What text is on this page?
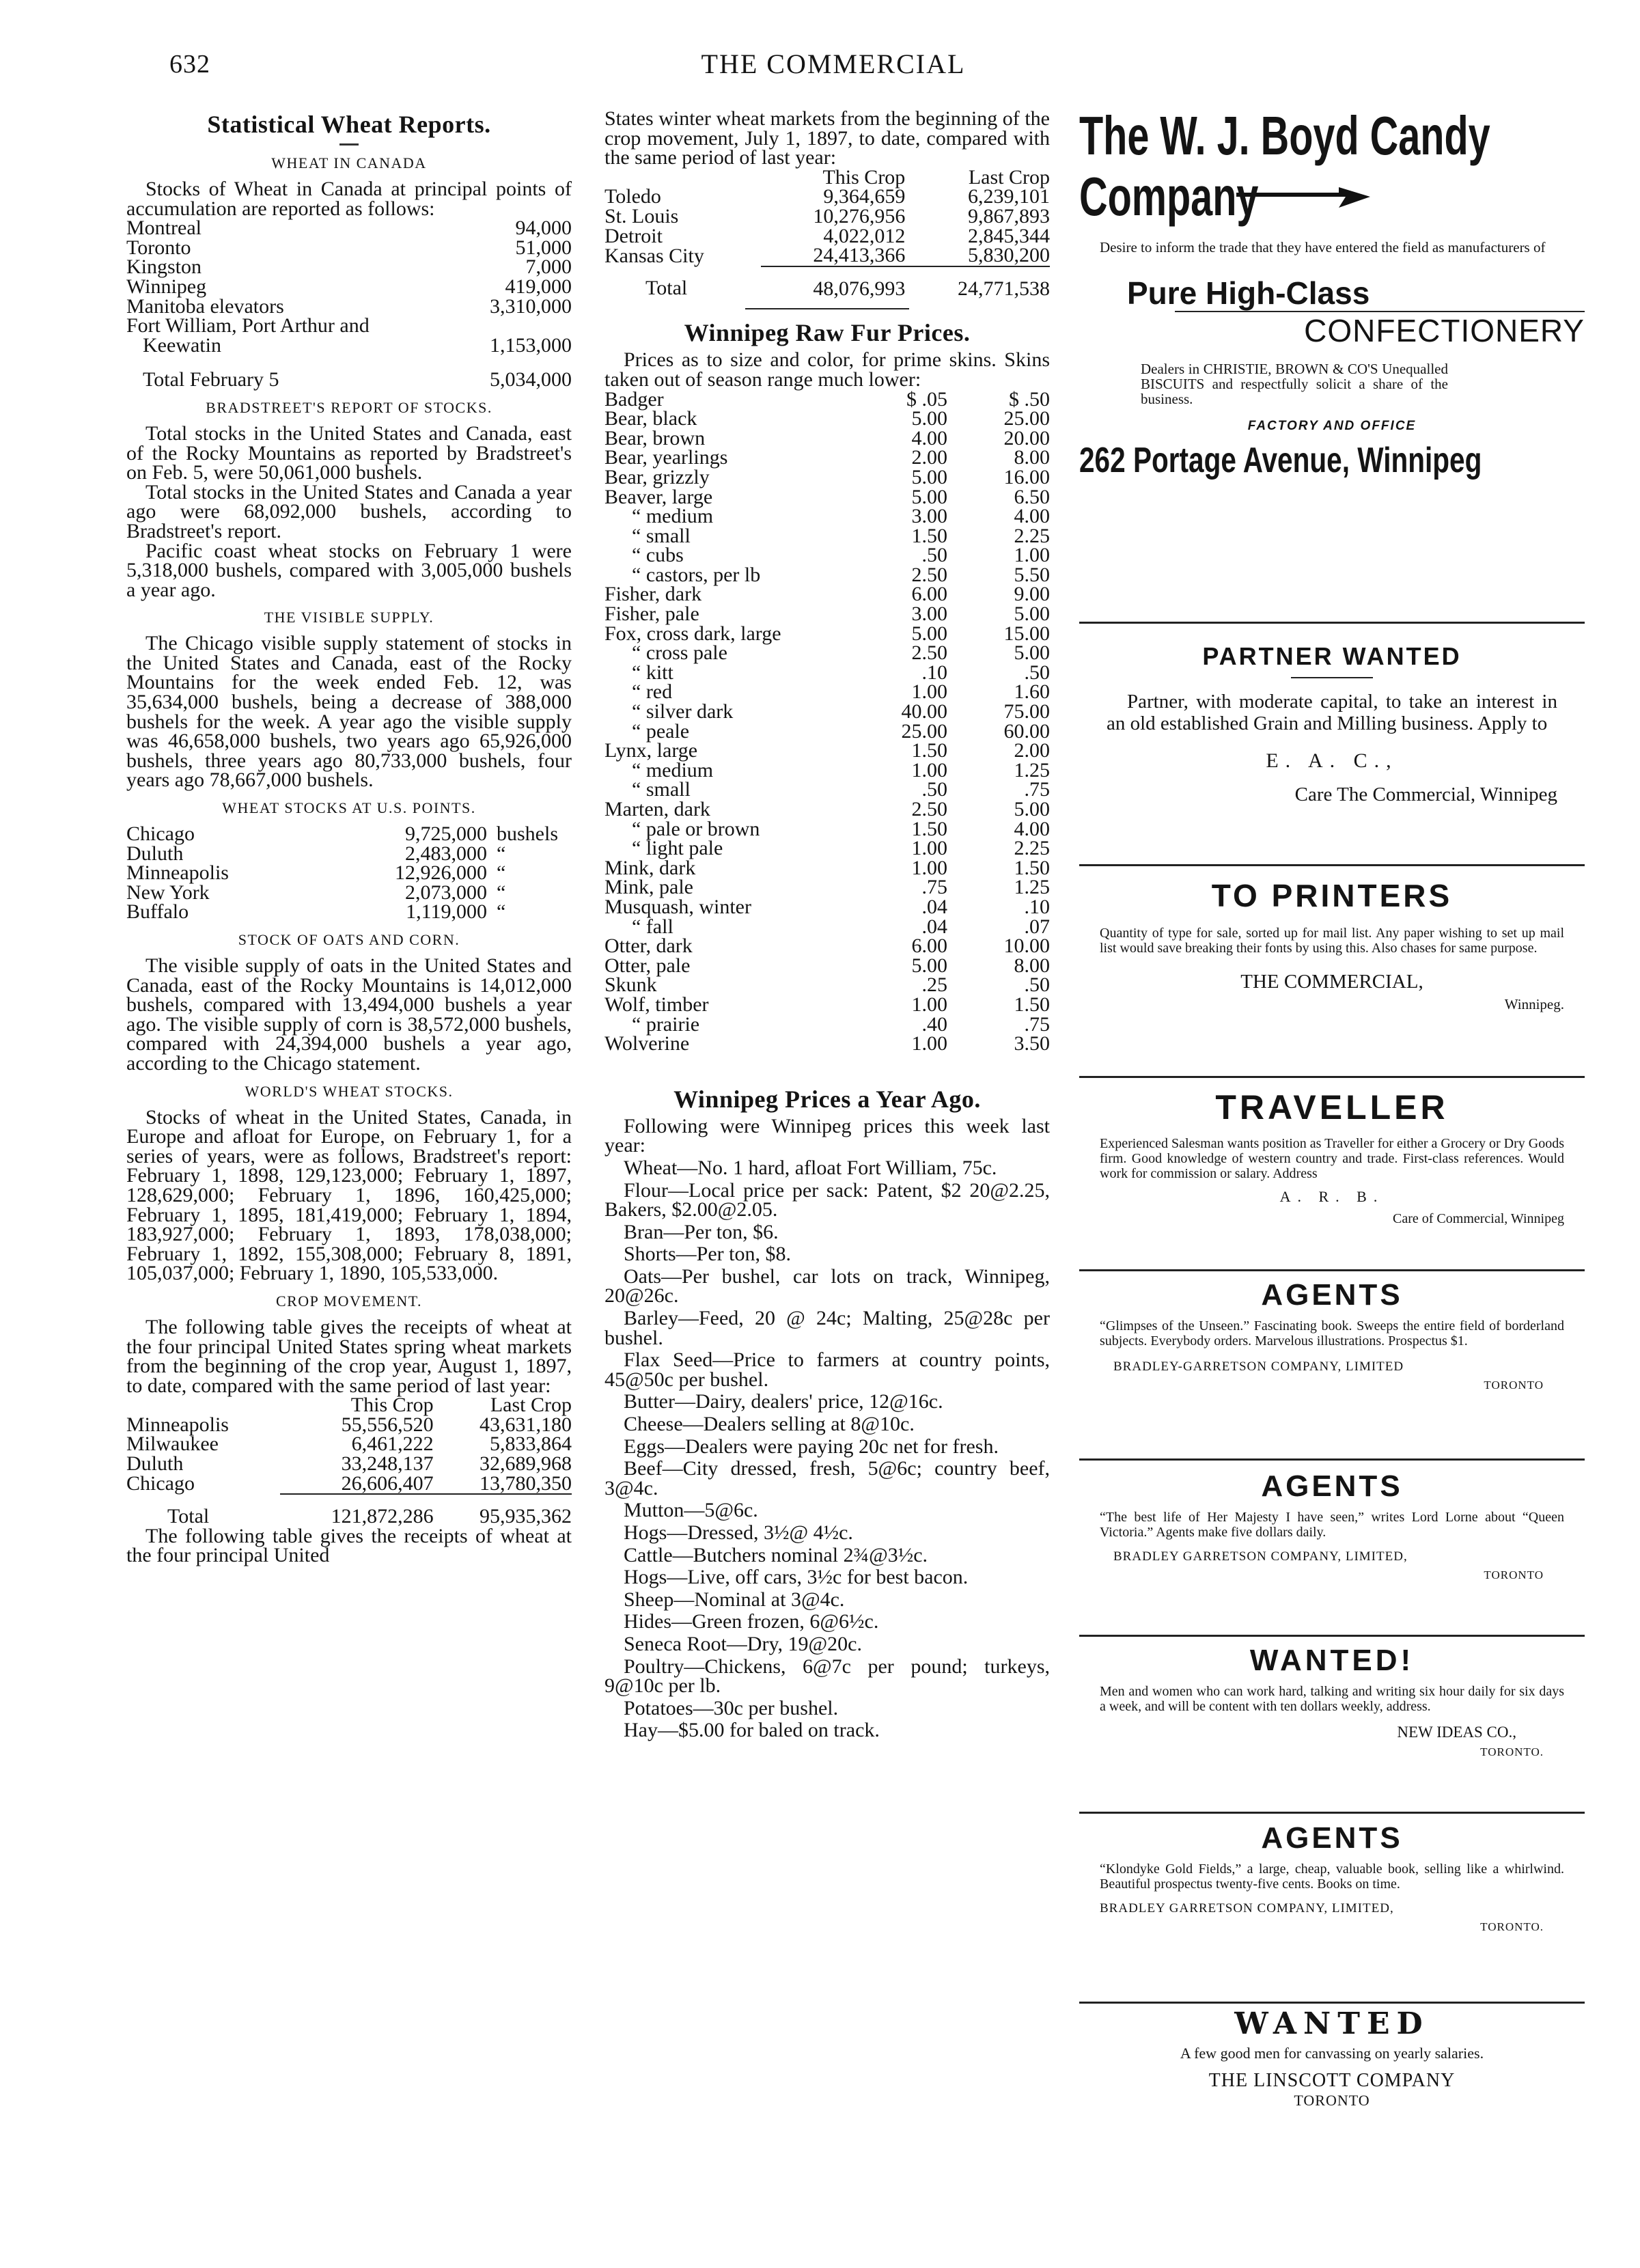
632	THE COMMERCIAL
Statistical Wheat Reports.
WHEAT IN CANADA

Stocks of Wheat in Canada at principal points of accumulation are reported as follows:

Montreal	94,000
Toronto	51,000
Kingston	7,000
Winnipeg	419,000
Manitoba elevators	3,310,000
Fort William, Port Arthur and
Keewatin	1,153,000
Total February 5	5,034,000
BRADSTREET'S REPORT OF STOCKS.

Total stocks in the United States and Canada, east of the Rocky Mountains as reported by Bradstreet's on Feb. 5, were 50,061,000 bushels.

Total stocks in the United States and Canada a year ago were 68,092,000 bushels, according to Bradstreet's report.

Pacific coast wheat stocks on February 1 were 5,318,000 bushels, compared with 3,005,000 bushels a year ago.

THE VISIBLE SUPPLY.

The Chicago visible supply statement of stocks in the United States and Canada, east of the Rocky Mountains for the week ended Feb. 12, was 35,634,000 bushels, being a decrease of 388,000 bushels for the week. A year ago the visible supply was 46,658,000 bushels, two years ago 65,926,000 bushels, three years ago 80,733,000 bushels, four years ago 78,667,000 bushels.

WHEAT STOCKS AT U.S. POINTS.
Chicago	9,725,000	bushels
Duluth	2,483,000	“
Minneapolis	12,926,000	“
New York	2,073,000	“
Buffalo	1,119,000	“
STOCK OF OATS AND CORN.

The visible supply of oats in the United States and Canada, east of the Rocky Mountains is 14,012,000 bushels, compared with 13,494,000 bushels a year ago. The visible supply of corn is 38,572,000 bushels, compared with 24,394,000 bushels a year ago, according to the Chicago statement.

WORLD'S WHEAT STOCKS.

Stocks of wheat in the United States, Canada, in Europe and afloat for Europe, on February 1, for a series of years, were as follows, Bradstreet's report: February 1, 1898, 129,123,000; February 1, 1897, 128,629,000; February 1, 1896, 160,425,000; February 1, 1895, 181,419,000; February 1, 1894, 183,927,000; February 1, 1893, 178,038,000; February 1, 1892, 155,308,000; February 8, 1891, 105,037,000; February 1, 1890, 105,533,000.

CROP MOVEMENT.

The following table gives the receipts of wheat at the four principal United States spring wheat markets from the beginning of the crop year, August 1, 1897, to date, compared with the same period of last year:

	This Crop	Last Crop
Minneapolis	55,556,520	43,631,180
Milwaukee	6,461,222	5,833,864
Duluth	33,248,137	32,689,968
Chicago	26,606,407	13,780,350
Total	121,872,286	95,935,362

The following table gives the receipts of wheat at the four principal United

States winter wheat markets from the beginning of the crop movement, July 1, 1897, to date, compared with the same period of last year:

	This Crop	Last Crop
Toledo	9,364,659	6,239,101
St. Louis	10,276,956	9,867,893
Detroit	4,022,012	2,845,344
Kansas City	24,413,366	5,830,200
Total	48,076,993	24,771,538
Winnipeg Raw Fur Prices.

Prices as to size and color, for prime skins. Skins taken out of season range much lower:

Badger	$ .05	$ .50
Bear, black	5.00	25.00
Bear, brown	4.00	20.00
Bear, yearlings	2.00	8.00
Bear, grizzly	5.00	16.00
Beaver, large	5.00	6.50
“ medium	3.00	4.00
“ small	1.50	2.25
“ cubs	.50	1.00
“ castors, per lb	2.50	5.50
Fisher, dark	6.00	9.00
Fisher, pale	3.00	5.00
Fox, cross dark, large	5.00	15.00
“ cross pale	2.50	5.00
“ kitt	.10	.50
“ red	1.00	1.60
“ silver dark	40.00	75.00
“ peale	25.00	60.00
Lynx, large	1.50	2.00
“ medium	1.00	1.25
“ small	.50	.75
Marten, dark	2.50	5.00
“ pale or brown	1.50	4.00
“ light pale	1.00	2.25
Mink, dark	1.00	1.50
Mink, pale	.75	1.25
Musquash, winter	.04	.10
“ fall	.04	.07
Otter, dark	6.00	10.00
Otter, pale	5.00	8.00
Skunk	.25	.50
Wolf, timber	1.00	1.50
“ prairie	.40	.75
Wolverine	1.00	3.50
Winnipeg Prices a Year Ago.

Following were Winnipeg prices this week last year:

Wheat—No. 1 hard, afloat Fort William, 75c.

Flour—Local price per sack: Patent, $2 20@2.25, Bakers, $2.00@2.05.

Bran—Per ton, $6.

Shorts—Per ton, $8.

Oats—Per bushel, car lots on track, Winnipeg, 20@26c.

Barley—Feed, 20 @ 24c; Malting, 25@28c per bushel.

Flax Seed—Price to farmers at country points, 45@50c per bushel.

Butter—Dairy, dealers' price, 12@16c.

Cheese—Dealers selling at 8@10c.

Eggs—Dealers were paying 20c net for fresh.

Beef—City dressed, fresh, 5@6c; country beef, 3@4c.

Mutton—5@6c.

Hogs—Dressed, 3½@ 4½c.

Cattle—Butchers nominal 2¾@3½c.

Hogs—Live, off cars, 3½c for best bacon.

Sheep—Nominal at 3@4c.

Hides—Green frozen, 6@6½c.

Seneca Root—Dry, 19@20c.

Poultry—Chickens, 6@7c per pound; turkeys, 9@10c per lb.

Potatoes—30c per bushel.

Hay—$5.00 for baled on track.

The W. J. Boyd Candy
Company
Desire to inform the trade that they have entered the field as manufacturers of
Pure High-Class
CONFECTIONERY
Dealers in CHRISTIE, BROWN & CO'S Unequalled BISCUITS and respectfully solicit a share of the business.
FACTORY AND OFFICE
262 Portage Avenue, Winnipeg
PARTNER WANTED
Partner, with moderate capital, to take an interest in an old established Grain and Milling business. Apply to
E. A. C.,
Care The Commercial, Winnipeg
TO PRINTERS
Quantity of type for sale, sorted up for mail list. Any paper wishing to set up mail list would save breaking their fonts by using this. Also chases for same purpose.
THE COMMERCIAL,
Winnipeg.
TRAVELLER
Experienced Salesman wants position as Traveller for either a Grocery or Dry Goods firm. Good knowledge of western country and trade. First-class references. Would work for commission or salary. Address
A. R. B.
Care of Commercial, Winnipeg
AGENTS
“Glimpses of the Unseen.” Fascinating book. Sweeps the entire field of borderland subjects. Everybody orders. Marvelous illustrations. Prospectus $1.
BRADLEY-GARRETSON COMPANY, LIMITED
TORONTO
AGENTS
“The best life of Her Majesty I have seen,” writes Lord Lorne about “Queen Victoria.” Agents make five dollars daily.
BRADLEY GARRETSON COMPANY, LIMITED,
TORONTO
WANTED!
Men and women who can work hard, talking and writing six hour daily for six days a week, and will be content with ten dollars weekly, address.
NEW IDEAS CO.,
TORONTO.
AGENTS
“Klondyke Gold Fields,” a large, cheap, valuable book, selling like a whirlwind. Beautiful prospectus twenty-five cents. Books on time.
BRADLEY GARRETSON COMPANY, LIMITED,
TORONTO.
WANTED
A few good men for canvassing on yearly salaries.
THE LINSCOTT COMPANY
TORONTO
